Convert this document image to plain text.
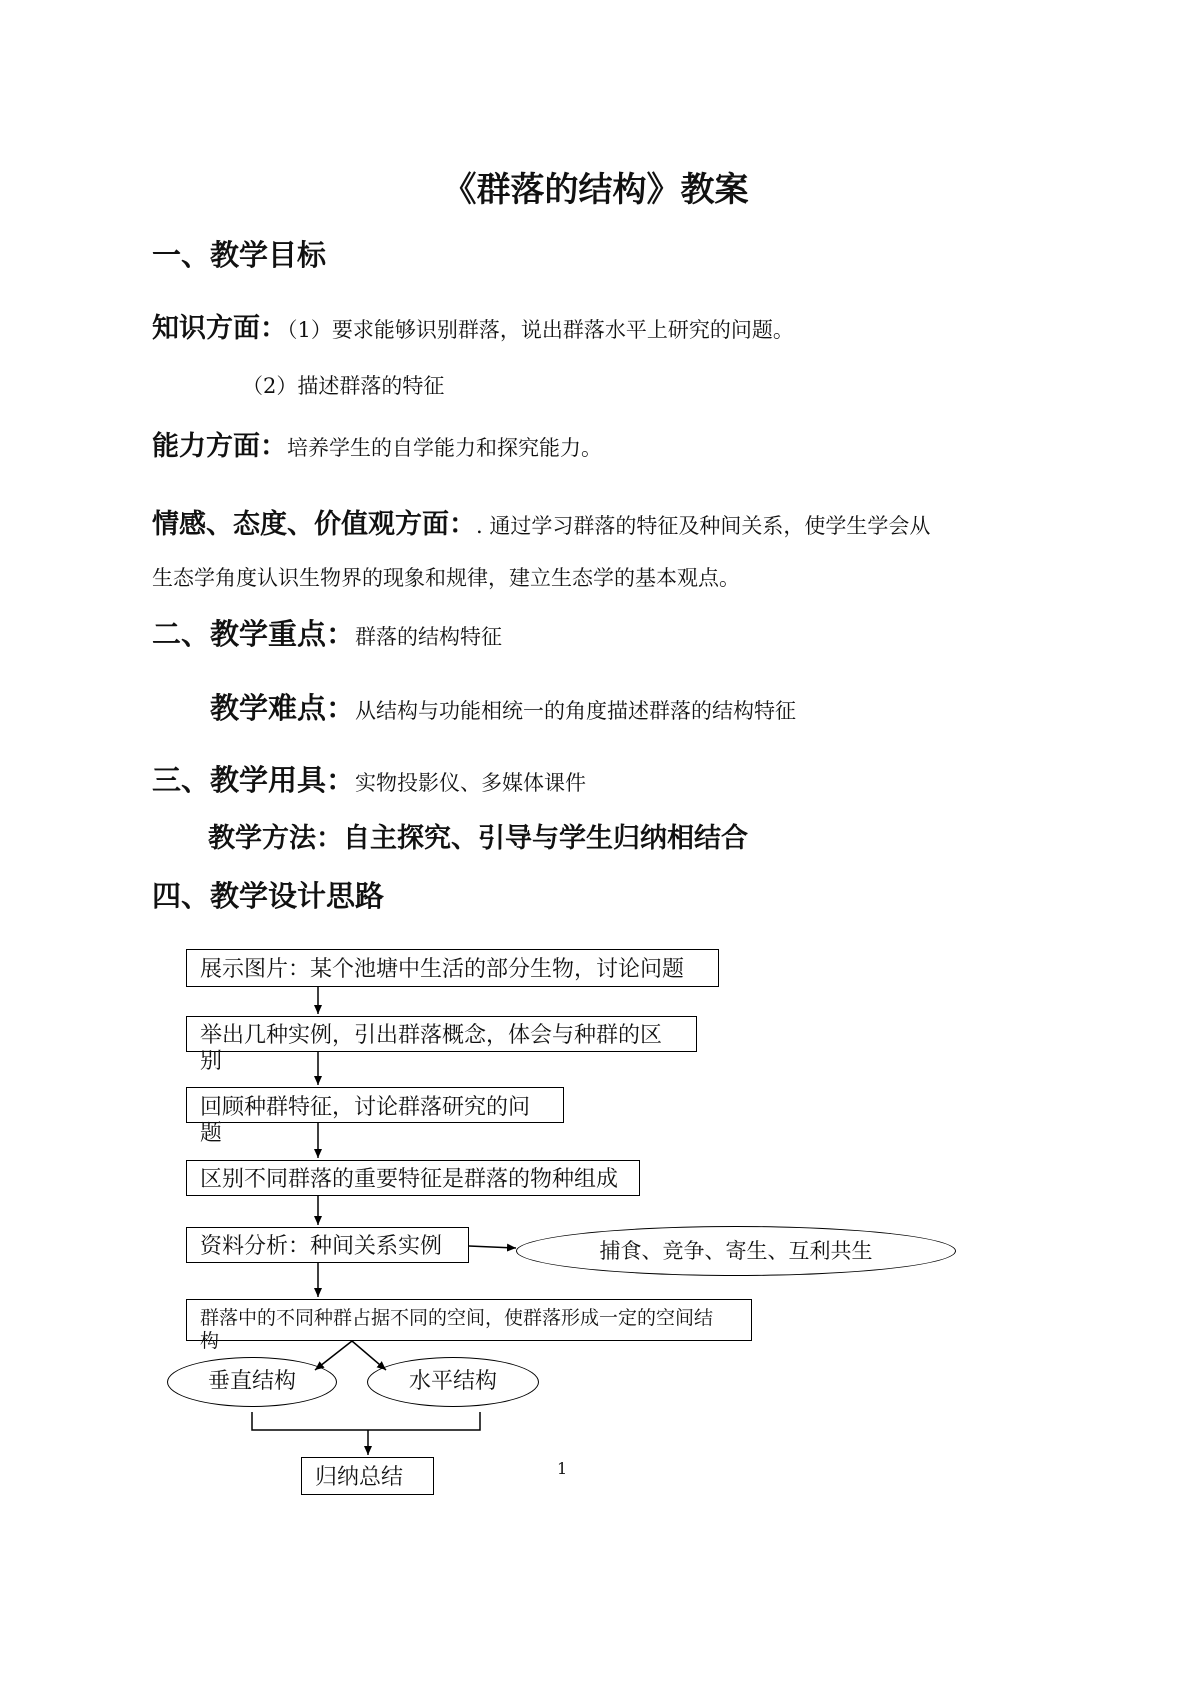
《群落的结构》教案
一、教学目标
知识方面：（1）要求能够识别群落，说出群落水平上研究的问题。
（2）描述群落的特征
能力方面：培养学生的自学能力和探究能力。
情感、态度、价值观方面：. 通过学习群落的特征及种间关系，使学生学会从
生态学角度认识生物界的现象和规律，建立生态学的基本观点。
二、教学重点：群落的结构特征
教学难点：从结构与功能相统一的角度描述群落的结构特征
三、教学用具：实物投影仪、多媒体课件
教学方法：自主探究、引导与学生归纳相结合
四、教学设计思路
展示图片：某个池塘中生活的部分生物，讨论问题
举出几种实例，引出群落概念，体会与种群的区
别
回顾种群特征，讨论群落研究的问
题
区别不同群落的重要特征是群落的物种组成
资料分析：种间关系实例	捕食、竞争、寄生、互利共生
群落中的不同种群占据不同的空间，使群落形成一定的空间结
构
垂直结构	水平结构
归纳总结	1
